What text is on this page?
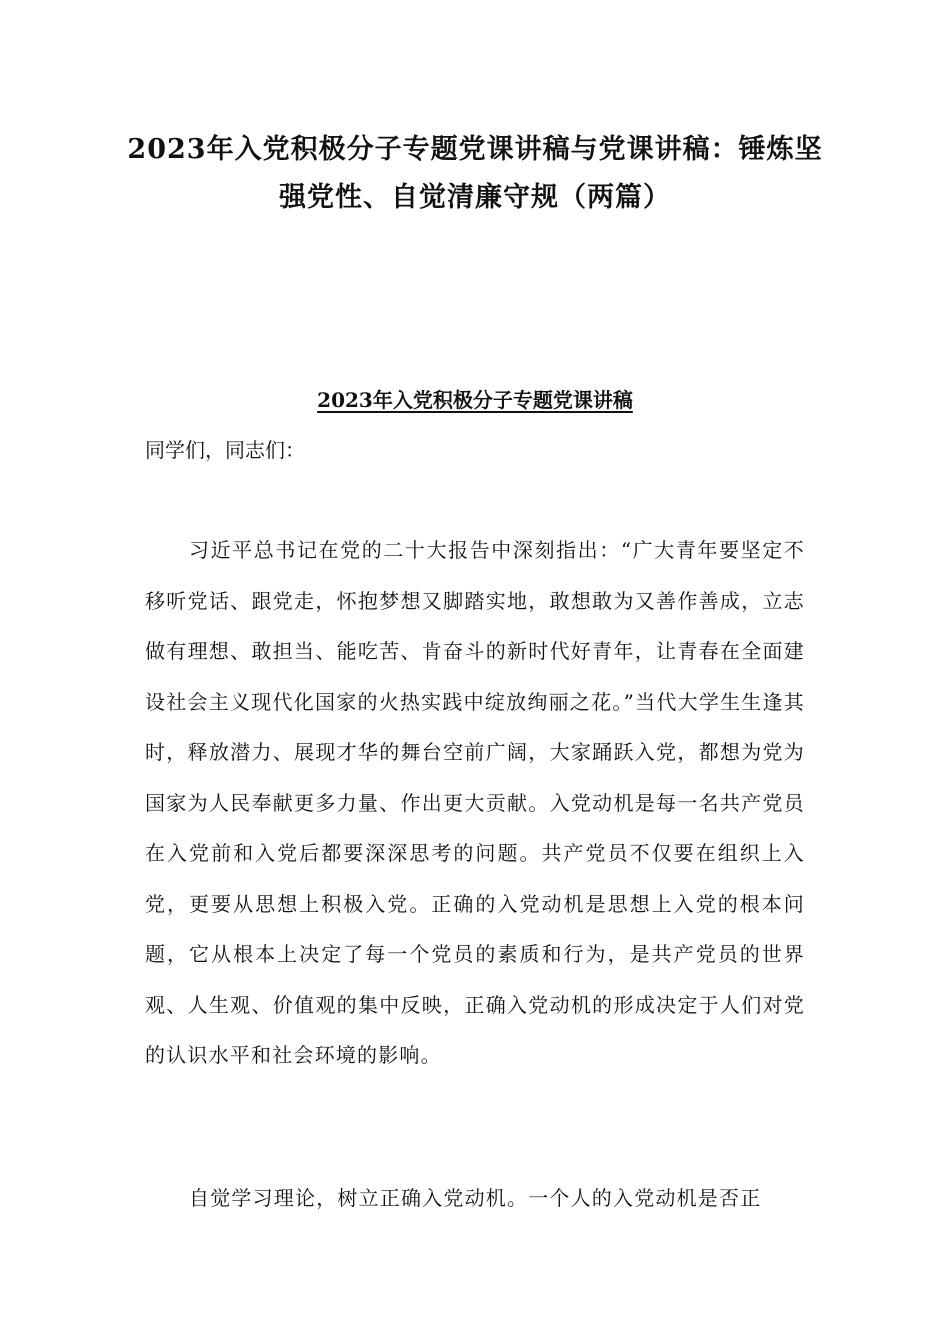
2023年入党积极分子专题党课讲稿与党课讲稿：锤炼坚强党性、自觉清廉守规（两篇）
2023年入党积极分子专题党课讲稿

同学们，同志们：

习近平总书记在党的二十大报告中深刻指出：“广大青年要坚定不移听党话、跟党走，怀抱梦想又脚踏实地，敢想敢为又善作善成，立志做有理想、敢担当、能吃苦、肯奋斗的新时代好青年，让青春在全面建设社会主义现代化国家的火热实践中绽放绚丽之花。”当代大学生生逢其时，释放潜力、展现才华的舞台空前广阔，大家踊跃入党，都想为党为国家为人民奉献更多力量、作出更大贡献。入党动机是每一名共产党员在入党前和入党后都要深深思考的问题。共产党员不仅要在组织上入党，更要从思想上积极入党。正确的入党动机是思想上入党的根本问题，它从根本上决定了每一个党员的素质和行为，是共产党员的世界观、人生观、价值观的集中反映，正确入党动机的形成决定于人们对党的认识水平和社会环境的影响。

自觉学习理论，树立正确入党动机。一个人的入党动机是否正
